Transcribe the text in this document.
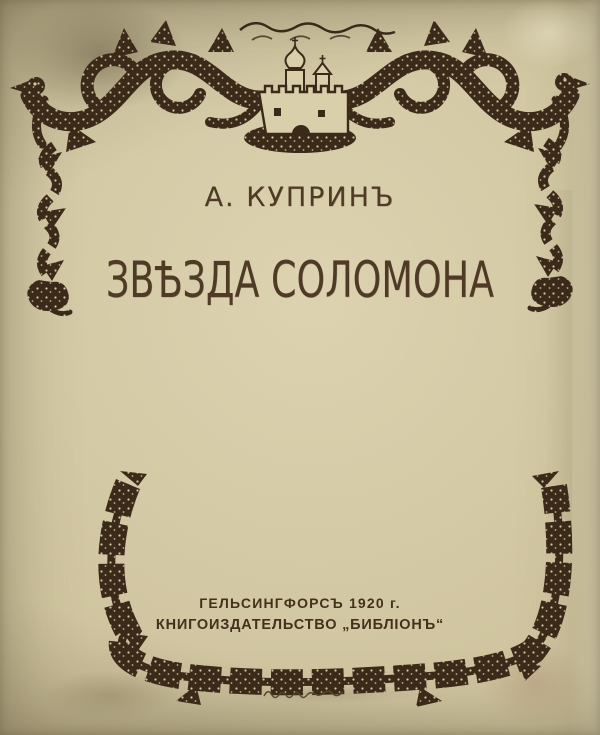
А. КУПРИНЪ
ЗВѢЗДА СОЛОМОНА
ГЕЛЬСИНГФОРСЪ 1920 г.
КНИГОИЗДАТЕЛЬСТВО „БИБЛІОНЪ“
